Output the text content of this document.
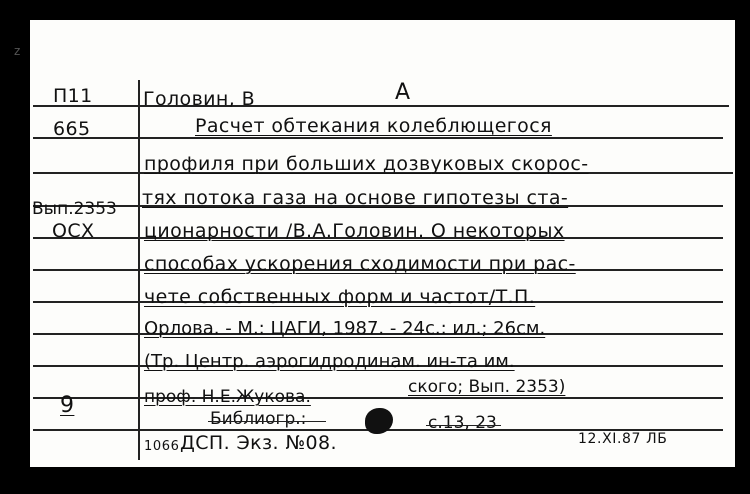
z
П11
665
Вып.2353
ОСХ
9
Головин, В	А
Расчет обтекания колеблющегося
профиля при больших дозвуковых скорос-
тях потока газа на основе гипотезы ста-
ционарности /В.А.Головин. О некоторых
способах ускорения сходимости при рас-
чете собственных форм и частот/Т.П.
Орлова. - М.: ЦАГИ, 1987. - 24с.: ил.; 26см.
(Тр. Центр. аэрогидродинам. ин-та им.
проф. Н.Е.Жукова.	ского; Вып. 2353)
Библиогр.:	с.13, 23
1066 ДСП. Экз. №08.	12.XI.87 ЛБ
